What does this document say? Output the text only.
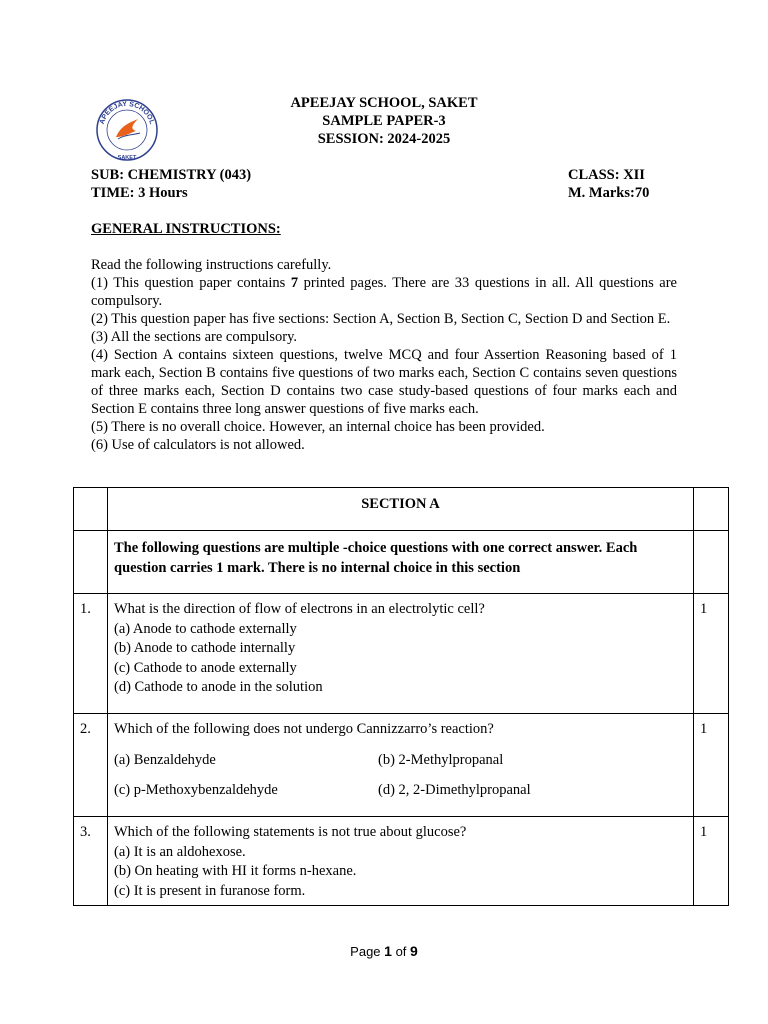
APEEJAY SCHOOL
SAKET
APEEJAY SCHOOL, SAKET
SAMPLE PAPER-3
SESSION: 2024-2025
SUB: CHEMISTRY (043)
TIME: 3 Hours
CLASS: XII
M. Marks:70
GENERAL INSTRUCTIONS:
Read the following instructions carefully.
(1) This question paper contains 7 printed pages. There are 33 questions in all. All questions are compulsory.
(2) This question paper has five sections: Section A, Section B, Section C, Section D and Section E.
(3) All the sections are compulsory.
(4) Section A contains sixteen questions, twelve MCQ and four Assertion Reasoning based of 1 mark each, Section B contains five questions of two marks each, Section C contains seven questions of three marks each, Section D contains two case study-based questions of four marks each and Section E contains three long answer questions of five marks each.
(5) There is no overall choice. However, an internal choice has been provided.
(6) Use of calculators is not allowed.

	SECTION A	

	The following questions are multiple -choice questions with one correct answer. Each question carries 1 mark. There is no internal choice in this section	

1.	What is the direction of flow of electrons in an electrolytic cell?
(a) Anode to cathode externally
(b) Anode to cathode internally
(c) Cathode to anode externally
(d) Cathode to anode in the solution	1

2.	Which of the following does not undergo Cannizzarro’s reaction?
(a) Benzaldehyde (b) 2-Methylpropanal
(c) p-Methoxybenzaldehyde (d) 2, 2-Dimethylpropanal	1

3.	Which of the following statements is not true about glucose?
(a) It is an aldohexose.
(b) On heating with HI it forms n-hexane.
(c) It is present in furanose form.	1
Page 1 of 9
